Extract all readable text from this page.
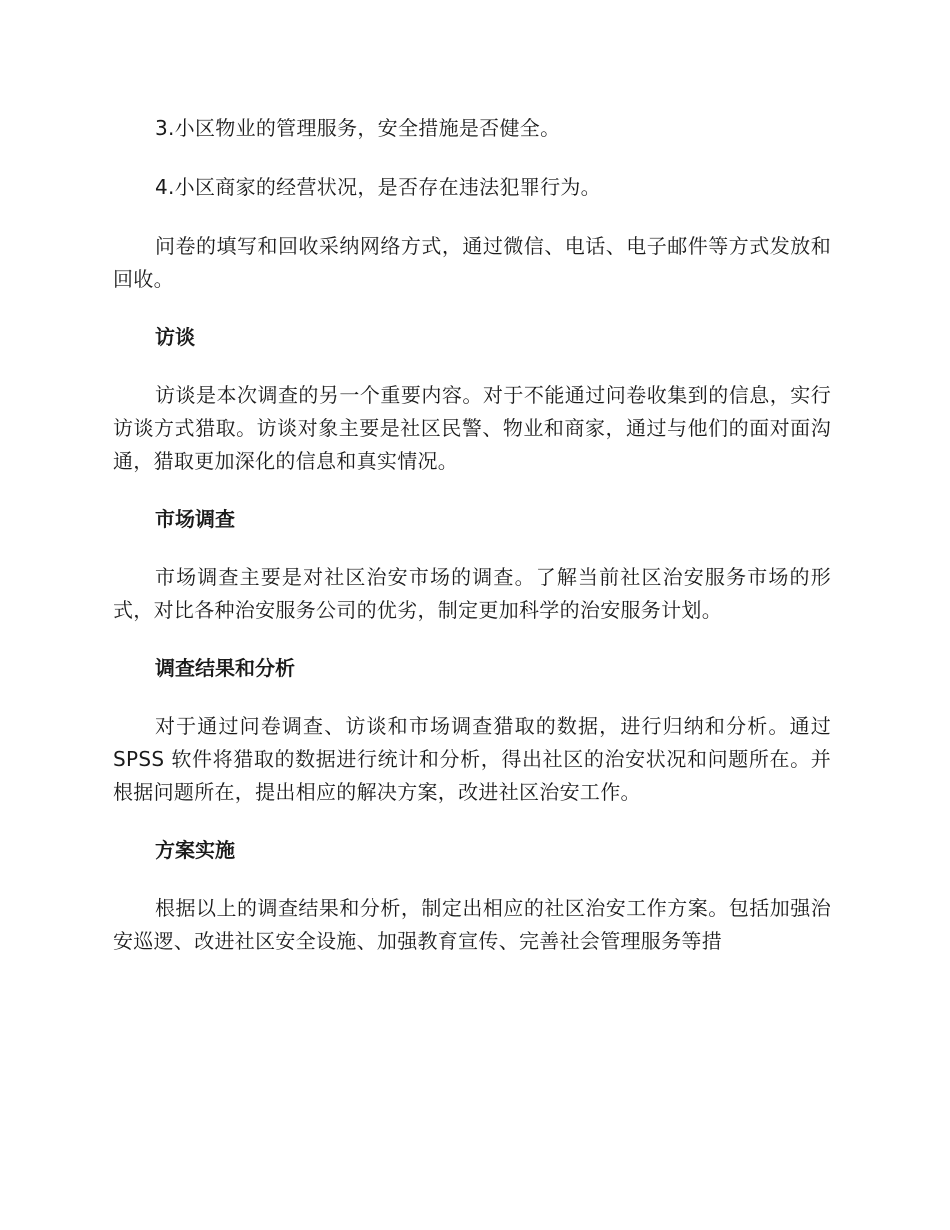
3.小区物业的管理服务，安全措施是否健全。

4.小区商家的经营状况，是否存在违法犯罪行为。

问卷的填写和回收采纳网络方式，通过微信、电话、电子邮件等方式发放和回收。

访谈

访谈是本次调查的另一个重要内容。对于不能通过问卷收集到的信息，实行访谈方式猎取。访谈对象主要是社区民警、物业和商家，通过与他们的面对面沟通，猎取更加深化的信息和真实情况。

市场调查

市场调查主要是对社区治安市场的调查。了解当前社区治安服务市场的形式，对比各种治安服务公司的优劣，制定更加科学的治安服务计划。

调查结果和分析

对于通过问卷调查、访谈和市场调查猎取的数据，进行归纳和分析。通过 SPSS 软件将猎取的数据进行统计和分析，得出社区的治安状况和问题所在。并根据问题所在，提出相应的解决方案，改进社区治安工作。

方案实施

根据以上的调查结果和分析，制定出相应的社区治安工作方案。包括加强治安巡逻、改进社区安全设施、加强教育宣传、完善社会管理服务等措
